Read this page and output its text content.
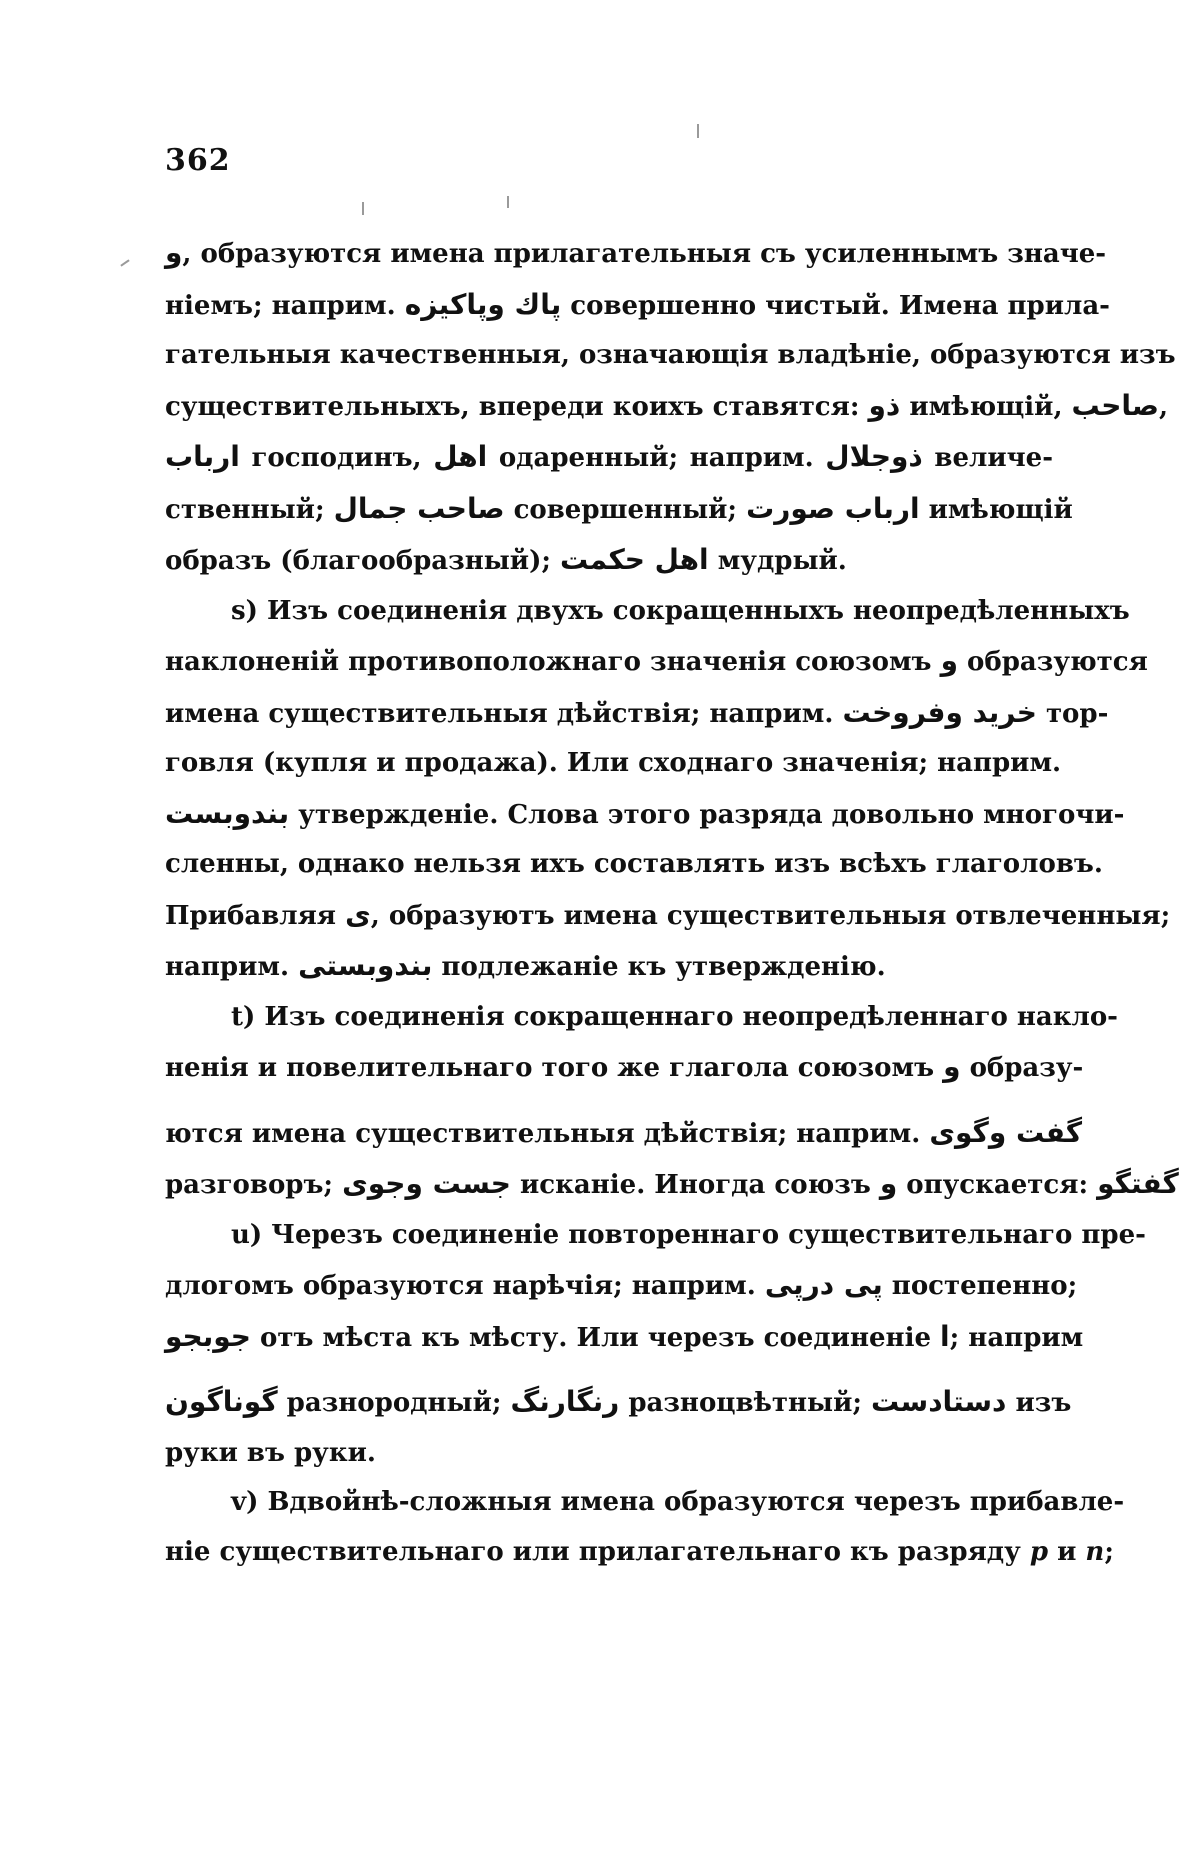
362
و, образуются имена прилагательныя съ усиленнымъ значе-
ніемъ; наприм. پاك وپاكيزه совершенно чистый. Имена прила-
гательныя качественныя, означающія владѣніе, образуются изъ
существительныхъ, впереди коихъ ставятся: ذو имѣющій, صاحب,
ارباب господинъ, اهل одаренный; наприм. ذوجلال величе-
ственный; صاحب جمال совершенный; ارباب صورت имѣющій
образъ (благообразный); اهل حكمت мудрый.
s) Изъ соединенія двухъ сокращенныхъ неопредѣленныхъ
наклоненій противоположнаго значенія союзомъ و образуются
имена существительныя дѣйствія; наприм. خريد وفروخت тор-
говля (купля и продажа). Или сходнаго значенія; наприм.
بندوبست утвержденіе. Слова этого разряда довольно многочи-
сленны, однако нельзя ихъ составлять изъ всѣхъ глаголовъ.
Прибавляя ى, образуютъ имена существительныя отвлеченныя;
наприм. بندوبستى подлежаніе къ утвержденію.
t) Изъ соединенія сокращеннаго неопредѣленнаго накло-
ненія и повелительнаго того же глагола союзомъ و образу-
ются имена существительныя дѣйствія; наприм. گفت وگوى
разговоръ; جست وجوى исканіе. Иногда союзъ و опускается: گفتگو
u) Черезъ соединеніе повтореннаго существительнаго пре-
длогомъ образуются нарѣчія; наприм. پى درپى постепенно;
جوبجو отъ мѣста къ мѣсту. Или черезъ соединеніе ا; наприм
گوناگون разнородный; رنگارنگ разноцвѣтный; دستادست изъ
руки въ руки.
v) Вдвойнѣ-сложныя имена образуются черезъ прибавле-
ніе существительнаго или прилагательнаго къ разряду p и n;
